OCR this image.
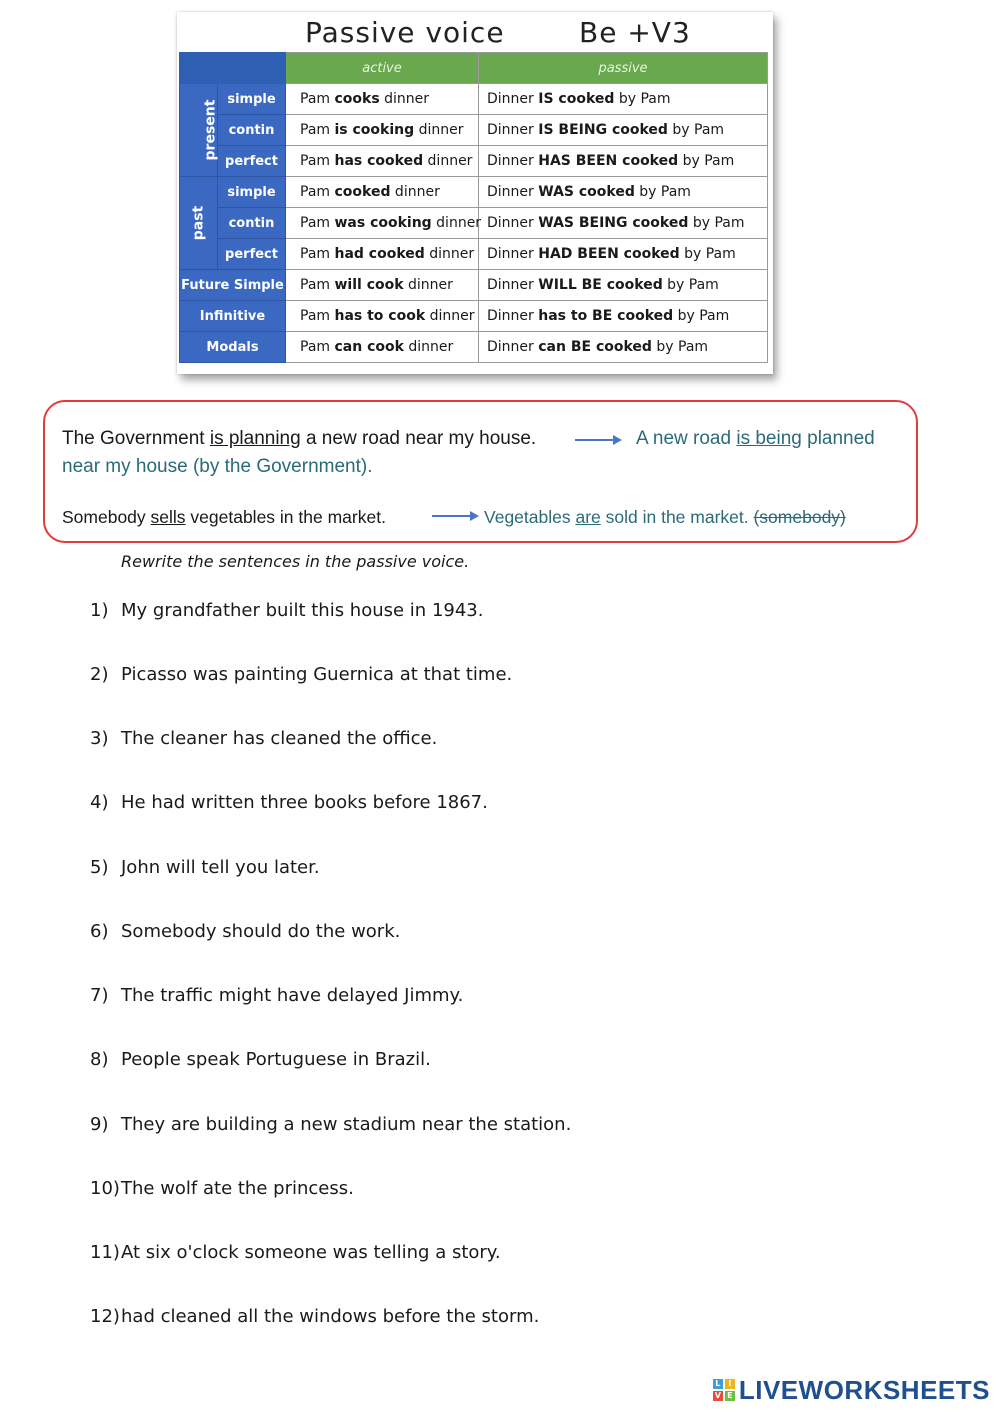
Passive voice	Be +V3
		active	passive
present	simple	Pam cooks dinner	Dinner IS cooked by Pam
	contin	Pam is cooking dinner	Dinner IS BEING cooked by Pam
	perfect	Pam has cooked dinner	Dinner HAS BEEN cooked by Pam
past	simple	Pam cooked dinner	Dinner WAS cooked by Pam
	contin	Pam was cooking dinner	Dinner WAS BEING cooked by Pam
	perfect	Pam had cooked dinner	Dinner HAD BEEN cooked by Pam
Future Simple		Pam will cook dinner	Dinner WILL BE cooked by Pam
Infinitive		Pam has to cook dinner	Dinner has to BE cooked by Pam
Modals		Pam can cook dinner	Dinner can BE cooked by Pam
The Government is planning a new road near my house.	A new road is being planned
near my house (by the Government).
Somebody sells vegetables in the market.	Vegetables are sold in the market. (somebody)
Rewrite the sentences in the passive voice.
1) My grandfather built this house in 1943.
2) Picasso was painting Guernica at that time.
3) The cleaner has cleaned the office.
4) He had written three books before 1867.
5) John will tell you later.
6) Somebody should do the work.
7) The traffic might have delayed Jimmy.
8) People speak Portuguese in Brazil.
9) They are building a new stadium near the station.
10)The wolf ate the princess.
11)At six o'clock someone was telling a story.
12)had cleaned all the windows before the storm.
L I
V E LIVEWORKSHEETS
